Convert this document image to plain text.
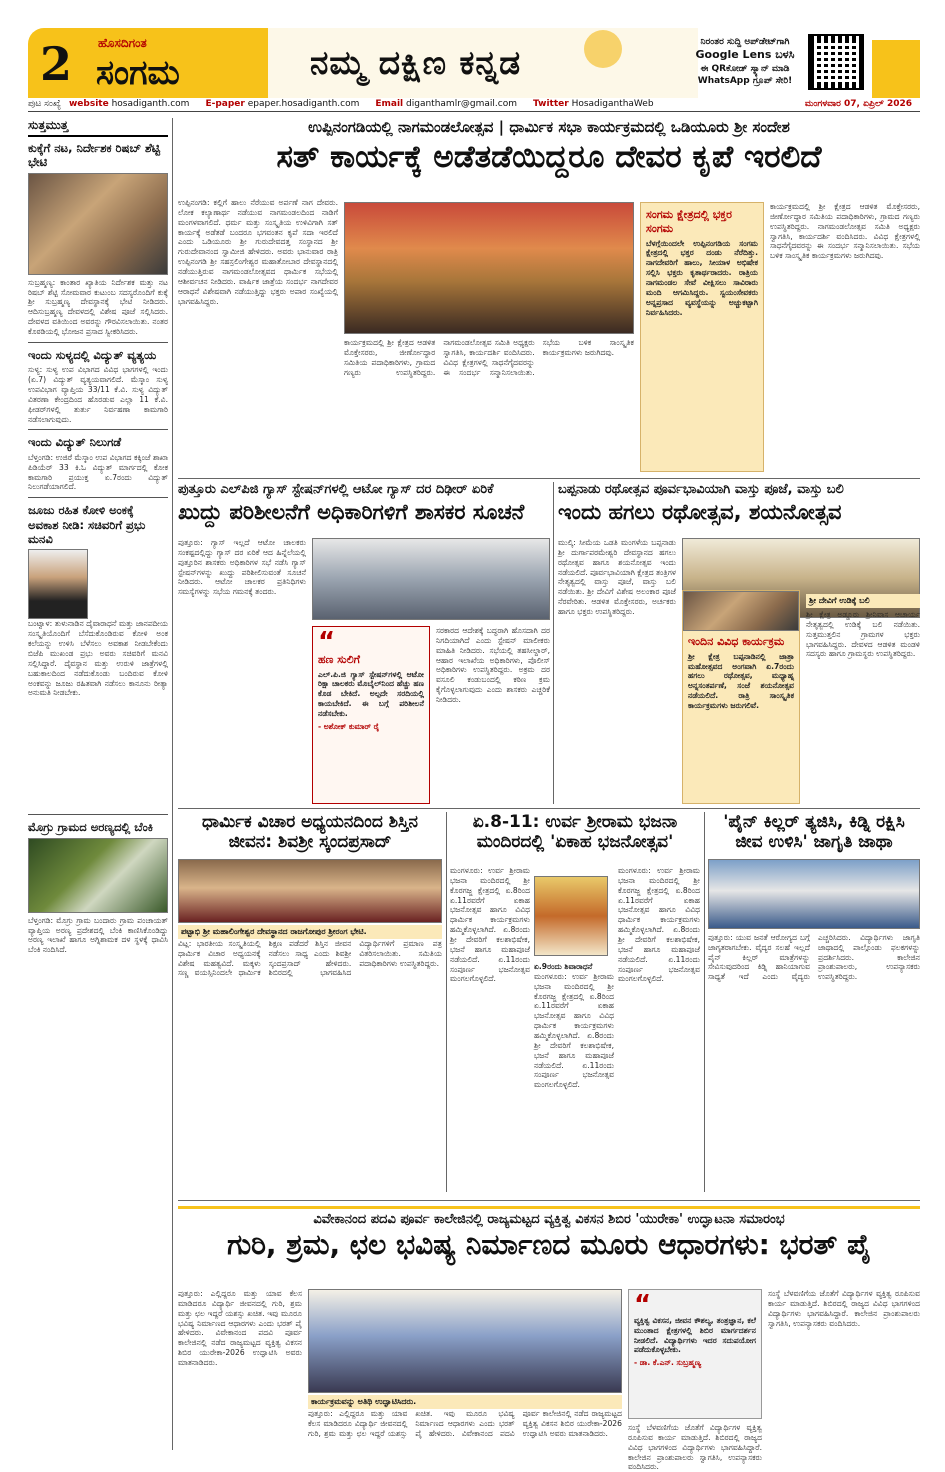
2 ಹೊಸದಿಗಂತ
ಸಂಗಮ	ನಮ್ಮ ದಕ್ಷಿಣ ಕನ್ನಡ
ನಿರಂತರ ಸುದ್ದಿ ಅಪ್‌ಡೇಟ್‌ಗಾಗಿ
Google Lens ಬಳಸಿ
ಈ QRಕೋಡ್ ಸ್ಕ್ಯಾನ್ ಮಾಡಿ
WhatsApp ಗ್ರೂಪ್ ಸೇರಿ!
ಪುಟ ಸಂಖ್ಯೆ website hosadiganth.com	E-paper epaper.hosadiganth.com	Email diganthamlr@gmail.com	Twitter HosadiganthaWeb	ಮಂಗಳವಾರ 07, ಏಪ್ರಿಲ್ 2026
ಸುತ್ತಮುತ್ತ
ಕುಕ್ಕೆಗೆ ನಟ, ನಿರ್ದೇಶಕ ರಿಷಬ್ ಶೆಟ್ಟಿ ಭೇಟಿ
ಸುಬ್ರಹ್ಮಣ್ಯ: ಕಾಂತಾರ ಖ್ಯಾತಿಯ ನಿರ್ದೇಶಕ ಮತ್ತು ನಟ ರಿಷಬ್ ಶೆಟ್ಟಿ ಸೋಮವಾರ ಕುಟುಂಬ ಸದಸ್ಯರೊಂದಿಗೆ ಕುಕ್ಕೆ ಶ್ರೀ ಸುಬ್ರಹ್ಮಣ್ಯ ದೇವಸ್ಥಾನಕ್ಕೆ ಭೇಟಿ ನೀಡಿದರು. ಆದಿಸುಬ್ರಹ್ಮಣ್ಯ ದೇವಳದಲ್ಲಿ ವಿಶೇಷ ಪೂಜೆ ಸಲ್ಲಿಸಿದರು. ದೇವಳದ ವತಿಯಿಂದ ಅವರನ್ನು ಗೌರವಿಸಲಾಯಿತು. ನಂತರ ಕೊಠಡಿಯಲ್ಲಿ ಭೋಜನ ಪ್ರಸಾದ ಸ್ವೀಕರಿಸಿದರು.
ಇಂದು ಸುಳ್ಯದಲ್ಲಿ ವಿದ್ಯುತ್ ವ್ಯತ್ಯಯ
ಸುಳ್ಯ: ಸುಳ್ಯ ಉಪ ವಿಭಾಗದ ವಿವಿಧ ಭಾಗಗಳಲ್ಲಿ ಇಂದು (ಏ.7) ವಿದ್ಯುತ್ ವ್ಯತ್ಯಯವಾಗಲಿದೆ. ಮೆಸ್ಕಾಂ ಸುಳ್ಯ ಉಪವಿಭಾಗ ವ್ಯಾಪ್ತಿಯ 33/11 ಕೆ.ವಿ. ಸುಳ್ಯ ವಿದ್ಯುತ್ ವಿತರಣಾ ಕೇಂದ್ರದಿಂದ ಹೊರಡುವ ಎಲ್ಲಾ 11 ಕೆ.ವಿ. ಫೀಡರ್‌ಗಳಲ್ಲಿ ತುರ್ತು ನಿರ್ವಹಣಾ ಕಾಮಗಾರಿ ನಡೆಸಲಾಗುವುದು.
ಇಂದು ವಿದ್ಯುತ್ ನಿಲುಗಡೆ
ಬೆಳ್ತಂಗಡಿ: ಉಜಿರೆ ಮೆಸ್ಕಾಂ ಉಪ ವಿಭಾಗದ ಕಕ್ಕಿಂಜೆ ಶಾಖಾ ಪಿಡಿಯೆರ್ 33 ಕಿ.ಓ ವಿದ್ಯುತ್ ಮಾರ್ಗದಲ್ಲಿ ಕೋಕ ಕಾಮಗಾರಿ ಪ್ರಯುಕ್ತ ಏ.7ರಂದು ವಿದ್ಯುತ್ ನಿಲುಗಡೆಯಾಗಲಿದೆ.
ಜೂಜು ರಹಿತ ಕೋಳಿ ಅಂಕಕ್ಕೆ ಅವಕಾಶ ನೀಡಿ: ಸಚಿವರಿಗೆ ಪ್ರಭು ಮನವಿ
ಬಂಟ್ವಾಳ: ತುಳುನಾಡಿನ ದೈವಾರಾಧನೆ ಮತ್ತು ಜಾನಪದೀಯ ಸಂಸ್ಕೃತಿಯೊಂದಿಗೆ ಬೆಸೆದುಕೊಂಡಿರುವ ಕೋಳಿ ಅಂಕ ಕಲೆಯನ್ನು ಉಳಿಸಿ ಬೆಳೆಸಲು ಅವಕಾಶ ನೀಡಬೇಕೆಂದು ಬಿಜೆಪಿ ಮುಖಂಡ ಪ್ರಭು ಅವರು ಸಚಿವರಿಗೆ ಮನವಿ ಸಲ್ಲಿಸಿದ್ದಾರೆ. ದೈವಸ್ಥಾನ ಮತ್ತು ಉರುಳಿ ಜಾತ್ರೆಗಳಲ್ಲಿ ಬಹುಕಾಲದಿಂದ ನಡೆದುಕೊಂಡು ಬಂದಿರುವ ಕೋಳಿ ಅಂಕವನ್ನು ಜೂಜು ರಹಿತವಾಗಿ ನಡೆಸಲು ಕಾನೂನು ರೀತ್ಯಾ ಅನುಮತಿ ನೀಡಬೇಕು.
ಮೊಗ್ರು ಗ್ರಾಮದ ಅರಣ್ಯದಲ್ಲಿ ಬೆಂಕಿ
ಬೆಳ್ತಂಗಡಿ: ಮೊಗ್ರು ಗ್ರಾಮ ಬಂದಾರು ಗ್ರಾಮ ಪಂಚಾಯತ್ ವ್ಯಾಪ್ತಿಯ ಅರಣ್ಯ ಪ್ರದೇಶದಲ್ಲಿ ಬೆಂಕಿ ಕಾಣಿಸಿಕೊಂಡಿದ್ದು ಅರಣ್ಯ ಇಲಾಖೆ ಹಾಗೂ ಅಗ್ನಿಶಾಮಕ ದಳ ಸ್ಥಳಕ್ಕೆ ಧಾವಿಸಿ ಬೆಂಕಿ ನಂದಿಸಿದೆ.
ಉಪ್ಪಿನಂಗಡಿಯಲ್ಲಿ ನಾಗಮಂಡಲೋತ್ಸವ | ಧಾರ್ಮಿಕ ಸಭಾ ಕಾರ್ಯಕ್ರಮದಲ್ಲಿ ಒಡಿಯೂರು ಶ್ರೀ ಸಂದೇಶ
ಸತ್ ಕಾರ್ಯಕ್ಕೆ ಅಡೆತಡೆಯಿದ್ದರೂ ದೇವರ ಕೃಪೆ ಇರಲಿದೆ
ಉಪ್ಪಿನಂಗಡಿ: ಕಲ್ಲಿಗೆ ಹಾಲು ನೆರೆಯುವ ಅರ್ಪಣೆ ನಾಗ ದೇವರು. ಲೋಕ ಕಲ್ಯಾಣಾರ್ಥ ನಡೆಯುವ ನಾಗಮಂಡಲದಿಂದ ನಾಡಿಗೆ ಮಂಗಳವಾಗಲಿದೆ. ಧರ್ಮ ಮತ್ತು ಸಂಸ್ಕೃತಿಯ ಉಳಿವಿಗಾಗಿ ಸತ್ ಕಾರ್ಯಕ್ಕೆ ಅಡೆತಡೆ ಬಂದರೂ ಭಗವಂತನ ಕೃಪೆ ಸದಾ ಇರಲಿದೆ ಎಂದು ಒಡಿಯೂರು ಶ್ರೀ ಗುರುದೇವದತ್ತ ಸಂಸ್ಥಾನದ ಶ್ರೀ ಗುರುದೇವಾನಂದ ಸ್ವಾಮೀಜಿ ಹೇಳಿದರು. ಅವರು ಭಾನುವಾರ ರಾತ್ರಿ ಉಪ್ಪಿನಂಗಡಿ ಶ್ರೀ ಸಹಸ್ರಲಿಂಗೇಶ್ವರ ಮಹಾತೋಬಾರ ದೇವಸ್ಥಾನದಲ್ಲಿ ನಡೆಯುತ್ತಿರುವ ನಾಗಮಂಡಲೋತ್ಸವದ ಧಾರ್ಮಿಕ ಸಭೆಯಲ್ಲಿ ಆಶೀರ್ವಚನ ನೀಡಿದರು. ವಾರ್ಷಿಕ ಜಾತ್ರೆಯ ಸಂದರ್ಭ ನಾಗದೇವರ ಆರಾಧನೆ ವಿಶೇಷವಾಗಿ ನಡೆಯುತ್ತಿದ್ದು ಭಕ್ತರು ಅಪಾರ ಸಂಖ್ಯೆಯಲ್ಲಿ ಭಾಗವಹಿಸಿದ್ದರು.
ಕಾರ್ಯಕ್ರಮದಲ್ಲಿ ಶ್ರೀ ಕ್ಷೇತ್ರದ ಆಡಳಿತ ಮೊಕ್ತೇಸರರು, ಜೀರ್ಣೋದ್ಧಾರ ಸಮಿತಿಯ ಪದಾಧಿಕಾರಿಗಳು, ಗ್ರಾಮದ ಗಣ್ಯರು ಉಪಸ್ಥಿತರಿದ್ದರು. ನಾಗಮಂಡಲೋತ್ಸವ ಸಮಿತಿ ಅಧ್ಯಕ್ಷರು ಸ್ವಾಗತಿಸಿ, ಕಾರ್ಯದರ್ಶಿ ವಂದಿಸಿದರು. ವಿವಿಧ ಕ್ಷೇತ್ರಗಳಲ್ಲಿ ಸಾಧನೆಗೈದವರನ್ನು ಈ ಸಂದರ್ಭ ಸನ್ಮಾನಿಸಲಾಯಿತು. ಸಭೆಯ ಬಳಿಕ ಸಾಂಸ್ಕೃತಿಕ ಕಾರ್ಯಕ್ರಮಗಳು ಜರುಗಿದವು.
ಸಂಗಮ ಕ್ಷೇತ್ರದಲ್ಲಿ ಭಕ್ತರ ಸಂಗಮ
ಬೆಳಗ್ಗೆಯಿಂದಲೇ ಉಪ್ಪಿನಂಗಡಿಯ ಸಂಗಮ ಕ್ಷೇತ್ರದಲ್ಲಿ ಭಕ್ತರ ದಂಡು ನೆರೆದಿತ್ತು. ನಾಗದೇವರಿಗೆ ಹಾಲು, ಸೀಯಾಳ ಅಭಿಷೇಕ ಸಲ್ಲಿಸಿ ಭಕ್ತರು ಕೃತಾರ್ಥರಾದರು. ರಾತ್ರಿಯ ನಾಗಮಂಡಲ ಸೇವೆ ವೀಕ್ಷಿಸಲು ಸಾವಿರಾರು ಮಂದಿ ಆಗಮಿಸಿದ್ದರು. ಸ್ವಯಂಸೇವಕರು ಅನ್ನಪ್ರಸಾದ ವ್ಯವಸ್ಥೆಯನ್ನು ಅಚ್ಚುಕಟ್ಟಾಗಿ ನಿರ್ವಹಿಸಿದರು.
ಕಾರ್ಯಕ್ರಮದಲ್ಲಿ ಶ್ರೀ ಕ್ಷೇತ್ರದ ಆಡಳಿತ ಮೊಕ್ತೇಸರರು, ಜೀರ್ಣೋದ್ಧಾರ ಸಮಿತಿಯ ಪದಾಧಿಕಾರಿಗಳು, ಗ್ರಾಮದ ಗಣ್ಯರು ಉಪಸ್ಥಿತರಿದ್ದರು. ನಾಗಮಂಡಲೋತ್ಸವ ಸಮಿತಿ ಅಧ್ಯಕ್ಷರು ಸ್ವಾಗತಿಸಿ, ಕಾರ್ಯದರ್ಶಿ ವಂದಿಸಿದರು. ವಿವಿಧ ಕ್ಷೇತ್ರಗಳಲ್ಲಿ ಸಾಧನೆಗೈದವರನ್ನು ಈ ಸಂದರ್ಭ ಸನ್ಮಾನಿಸಲಾಯಿತು. ಸಭೆಯ ಬಳಿಕ ಸಾಂಸ್ಕೃತಿಕ ಕಾರ್ಯಕ್ರಮಗಳು ಜರುಗಿದವು.
ಪುತ್ತೂರು ಎಲ್‌ಪಿಜಿ ಗ್ಯಾಸ್ ಸ್ಟೇಷನ್‌ಗಳಲ್ಲಿ ಆಟೋ ಗ್ಯಾಸ್ ದರ ದಿಢೀರ್ ಏರಿಕೆ
ಖುದ್ದು ಪರಿಶೀಲನೆಗೆ ಅಧಿಕಾರಿಗಳಿಗೆ ಶಾಸಕರ ಸೂಚನೆ
ಪುತ್ತೂರು: ಗ್ಯಾಸ್ ಇಲ್ಲದೆ ಆಟೋ ಚಾಲಕರು ಸಂಕಷ್ಟದಲ್ಲಿದ್ದು ಗ್ಯಾಸ್ ದರ ಏರಿಕೆ ಆದ ಹಿನ್ನೆಲೆಯಲ್ಲಿ ಪುತ್ತೂರಿನ ಶಾಸಕರು ಅಧಿಕಾರಿಗಳ ಸಭೆ ನಡೆಸಿ ಗ್ಯಾಸ್ ಸ್ಟೇಷನ್‌ಗಳನ್ನು ಖುದ್ದು ಪರಿಶೀಲಿಸುವಂತೆ ಸೂಚನೆ ನೀಡಿದರು. ಆಟೋ ಚಾಲಕರ ಪ್ರತಿನಿಧಿಗಳು ಸಮಸ್ಯೆಗಳನ್ನು ಸಭೆಯ ಗಮನಕ್ಕೆ ತಂದರು.
“
ಹಣ ಸುಲಿಗೆ
ಎಲ್.ಪಿ.ಜಿ ಗ್ಯಾಸ್ ಸ್ಟೇಷನ್‌ಗಳಲ್ಲಿ ಆಟೋ ರಿಕ್ಷಾ ಚಾಲಕರು ಮೊಬೈಲ್‌ನಿಂದ ಹೆಚ್ಚು ಹಣ ಕೊಡ ಬೇಕಿದೆ. ಅಲ್ಪದೇ ಸರದಿಯಲ್ಲಿ ಕಾಯಬೇಕಿದೆ. ಈ ಬಗ್ಗೆ ಪರಿಶೀಲನೆ ನಡೆಸಬೇಕು.
- ಅಶೋಕ್ ಕುಮಾರ್ ರೈ
ಸರಕಾರದ ಆದೇಶಕ್ಕೆ ಬದ್ಧರಾಗಿ ಹೊಸದಾಗಿ ದರ ನಿಗದಿಯಾಗಿದೆ ಎಂದು ಸ್ಟೇಷನ್ ಮಾಲೀಕರು ಮಾಹಿತಿ ನೀಡಿದರು. ಸಭೆಯಲ್ಲಿ ತಹಸೀಲ್ದಾರ್, ಆಹಾರ ಇಲಾಖೆಯ ಅಧಿಕಾರಿಗಳು, ಪೊಲೀಸ್ ಅಧಿಕಾರಿಗಳು ಉಪಸ್ಥಿತರಿದ್ದರು. ಅಕ್ರಮ ದರ ವಸೂಲಿ ಕಂಡುಬಂದಲ್ಲಿ ಕಠಿಣ ಕ್ರಮ ಕೈಗೊಳ್ಳಲಾಗುವುದು ಎಂದು ಶಾಸಕರು ಎಚ್ಚರಿಕೆ ನೀಡಿದರು.
ಬಪ್ಪನಾಡು ರಥೋತ್ಸವ ಪೂರ್ವಭಾವಿಯಾಗಿ ವಾಸ್ತು ಪೂಜೆ, ವಾಸ್ತು ಬಲಿ
ಇಂದು ಹಗಲು ರಥೋತ್ಸವ, ಶಯನೋತ್ಸವ
ಮುಲ್ಕಿ: ಸೀಮೆಯ ಒಡತಿ ಮಂಗಳೆಯ ಬಪ್ಪನಾಡು ಶ್ರೀ ದುರ್ಗಾಪರಮೇಶ್ವರಿ ದೇವಸ್ಥಾನದ ಹಗಲು ರಥೋತ್ಸವ ಹಾಗೂ ಶಯನೋತ್ಸವ ಇಂದು ನಡೆಯಲಿದೆ. ಪೂರ್ವಭಾವಿಯಾಗಿ ಕ್ಷೇತ್ರದ ತಂತ್ರಿಗಳ ನೇತೃತ್ವದಲ್ಲಿ ವಾಸ್ತು ಪೂಜೆ, ವಾಸ್ತು ಬಲಿ ನಡೆಯಿತು. ಶ್ರೀ ದೇವಿಗೆ ವಿಶೇಷ ಅಲಂಕಾರ ಪೂಜೆ ನೆರವೇರಿತು. ಆಡಳಿತ ಮೊಕ್ತೇಸರರು, ಅರ್ಚಕರು ಹಾಗೂ ಭಕ್ತರು ಉಪಸ್ಥಿತರಿದ್ದರು.
ಇಂದಿನ ವಿವಿಧ ಕಾರ್ಯಕ್ರಮ
ಶ್ರೀ ಕ್ಷೇತ್ರ ಬಪ್ಪನಾಡಿನಲ್ಲಿ ಜಾತ್ರಾ ಮಹೋತ್ಸವದ ಅಂಗವಾಗಿ ಏ.7ರಂದು ಹಗಲು ರಥೋತ್ಸವ, ಮಧ್ಯಾಹ್ನ ಅನ್ನಸಂತರ್ಪಣೆ, ಸಂಜೆ ಶಯನೋತ್ಸವ ನಡೆಯಲಿದೆ. ರಾತ್ರಿ ಸಾಂಸ್ಕೃತಿಕ ಕಾರ್ಯಕ್ರಮಗಳು ಜರುಗಲಿವೆ.
ಶ್ರೀ ದೇವಿಗೆ ಉಡಿಕ್ಕೆ ಬಲಿ
ಶ್ರೀ ಕ್ಷೇತ್ರ ಅಡ್ಡೂರು ಶ್ರೀನಿವಾಸ ಆಚಾರ್ಯ ನೇತೃತ್ವದಲ್ಲಿ ಉಡಿಕ್ಕೆ ಬಲಿ ನಡೆಯಿತು. ಸುತ್ತಮುತ್ತಲಿನ ಗ್ರಾಮಗಳ ಭಕ್ತರು ಭಾಗವಹಿಸಿದ್ದರು. ದೇವಳದ ಆಡಳಿತ ಮಂಡಳಿ ಸದಸ್ಯರು ಹಾಗೂ ಗ್ರಾಮಸ್ಥರು ಉಪಸ್ಥಿತರಿದ್ದರು.
ಧಾರ್ಮಿಕ ವಿಚಾರ ಅಧ್ಯಯನದಿಂದ ಶಿಸ್ತಿನ ಜೀವನ: ಶಿವಶ್ರೀ ಸ್ಕಂದಪ್ರಸಾದ್
ಪಟ್ಟಾಭಿ ಶ್ರೀ ಮಹಾಲಿಂಗೇಶ್ವರ ದೇವಸ್ಥಾನದ ರಾಜಗೋಪುರ ಶ್ರೀರಂಗ ಭೇಟಿ.
ವಿಟ್ಲ: ಭಾರತೀಯ ಸಂಸ್ಕೃತಿಯಲ್ಲಿ ಧಾರ್ಮಿಕ ವಿಚಾರ ಅಧ್ಯಯನಕ್ಕೆ ವಿಶೇಷ ಮಹತ್ವವಿದೆ. ಮಕ್ಕಳು ಸಣ್ಣ ವಯಸ್ಸಿನಿಂದಲೇ ಧಾರ್ಮಿಕ ಶಿಕ್ಷಣ ಪಡೆದರೆ ಶಿಸ್ತಿನ ಜೀವನ ನಡೆಸಲು ಸಾಧ್ಯ ಎಂದು ಶಿವಶ್ರೀ ಸ್ಕಂದಪ್ರಸಾದ್ ಹೇಳಿದರು. ಶಿಬಿರದಲ್ಲಿ ಭಾಗವಹಿಸಿದ ವಿದ್ಯಾರ್ಥಿಗಳಿಗೆ ಪ್ರಮಾಣ ಪತ್ರ ವಿತರಿಸಲಾಯಿತು. ಸಮಿತಿಯ ಪದಾಧಿಕಾರಿಗಳು ಉಪಸ್ಥಿತರಿದ್ದರು.
ಏ.8-11: ಉರ್ವ ಶ್ರೀರಾಮ ಭಜನಾ ಮಂದಿರದಲ್ಲಿ 'ಏಕಾಹ ಭಜನೋತ್ಸವ'
ಮಂಗಳೂರು: ಉರ್ವ ಶ್ರೀರಾಮ ಭಜನಾ ಮಂದಿರದಲ್ಲಿ ಶ್ರೀ ಕೊರಗಜ್ಜ ಕ್ಷೇತ್ರದಲ್ಲಿ ಏ.8ರಿಂದ ಏ.11ರವರೆಗೆ ಏಕಾಹ ಭಜನೋತ್ಸವ ಹಾಗೂ ವಿವಿಧ ಧಾರ್ಮಿಕ ಕಾರ್ಯಕ್ರಮಗಳು ಹಮ್ಮಿಕೊಳ್ಳಲಾಗಿದೆ. ಏ.8ರಂದು ಶ್ರೀ ದೇವರಿಗೆ ಕಲಶಾಭಿಷೇಕ, ಭಜನೆ ಹಾಗೂ ಮಹಾಪೂಜೆ ನಡೆಯಲಿದೆ. ಏ.11ರಂದು ಸಂಪೂರ್ಣ ಭಜನೋತ್ಸವ ಮಂಗಲಗೊಳ್ಳಲಿದೆ.
ಏ.9ರಂದು ಶಿವಾರಾಧನೆ
ಮಂಗಳೂರು: ಉರ್ವ ಶ್ರೀರಾಮ ಭಜನಾ ಮಂದಿರದಲ್ಲಿ ಶ್ರೀ ಕೊರಗಜ್ಜ ಕ್ಷೇತ್ರದಲ್ಲಿ ಏ.8ರಿಂದ ಏ.11ರವರೆಗೆ ಏಕಾಹ ಭಜನೋತ್ಸವ ಹಾಗೂ ವಿವಿಧ ಧಾರ್ಮಿಕ ಕಾರ್ಯಕ್ರಮಗಳು ಹಮ್ಮಿಕೊಳ್ಳಲಾಗಿದೆ. ಏ.8ರಂದು ಶ್ರೀ ದೇವರಿಗೆ ಕಲಶಾಭಿಷೇಕ, ಭಜನೆ ಹಾಗೂ ಮಹಾಪೂಜೆ ನಡೆಯಲಿದೆ. ಏ.11ರಂದು ಸಂಪೂರ್ಣ ಭಜನೋತ್ಸವ ಮಂಗಲಗೊಳ್ಳಲಿದೆ.
ಮಂಗಳೂರು: ಉರ್ವ ಶ್ರೀರಾಮ ಭಜನಾ ಮಂದಿರದಲ್ಲಿ ಶ್ರೀ ಕೊರಗಜ್ಜ ಕ್ಷೇತ್ರದಲ್ಲಿ ಏ.8ರಿಂದ ಏ.11ರವರೆಗೆ ಏಕಾಹ ಭಜನೋತ್ಸವ ಹಾಗೂ ವಿವಿಧ ಧಾರ್ಮಿಕ ಕಾರ್ಯಕ್ರಮಗಳು ಹಮ್ಮಿಕೊಳ್ಳಲಾಗಿದೆ. ಏ.8ರಂದು ಶ್ರೀ ದೇವರಿಗೆ ಕಲಶಾಭಿಷೇಕ, ಭಜನೆ ಹಾಗೂ ಮಹಾಪೂಜೆ ನಡೆಯಲಿದೆ. ಏ.11ರಂದು ಸಂಪೂರ್ಣ ಭಜನೋತ್ಸವ ಮಂಗಲಗೊಳ್ಳಲಿದೆ.
'ಪೈನ್ ಕಿಲ್ಲರ್ ತ್ಯಜಿಸಿ, ಕಿಡ್ನಿ ರಕ್ಷಿಸಿ ಜೀವ ಉಳಿಸಿ' ಜಾಗೃತಿ ಜಾಥಾ
ಪುತ್ತೂರು: ಯುವ ಜನತೆ ಆರೋಗ್ಯದ ಬಗ್ಗೆ ಜಾಗೃತರಾಗಬೇಕು. ವೈದ್ಯರ ಸಲಹೆ ಇಲ್ಲದೆ ಪೈನ್ ಕಿಲ್ಲರ್ ಮಾತ್ರೆಗಳನ್ನು ಸೇವಿಸುವುದರಿಂದ ಕಿಡ್ನಿ ಹಾನಿಯಾಗುವ ಸಾಧ್ಯತೆ ಇದೆ ಎಂದು ವೈದ್ಯರು ಎಚ್ಚರಿಸಿದರು. ವಿದ್ಯಾರ್ಥಿಗಳು ಜಾಗೃತಿ ಜಾಥಾದಲ್ಲಿ ಪಾಲ್ಗೊಂಡು ಫಲಕಗಳನ್ನು ಪ್ರದರ್ಶಿಸಿದರು. ಕಾಲೇಜಿನ ಪ್ರಾಂಶುಪಾಲರು, ಉಪನ್ಯಾಸಕರು ಉಪಸ್ಥಿತರಿದ್ದರು.
ವಿವೇಕಾನಂದ ಪದವಿ ಪೂರ್ವ ಕಾಲೇಜಿನಲ್ಲಿ ರಾಜ್ಯಮಟ್ಟದ ವ್ಯಕ್ತಿತ್ವ ವಿಕಸನ ಶಿಬಿರ 'ಯುರೇಕಾ' ಉದ್ಘಾಟನಾ ಸಮಾರಂಭ
ಗುರಿ, ಶ್ರಮ, ಛಲ ಭವಿಷ್ಯ ನಿರ್ಮಾಣದ ಮೂರು ಆಧಾರಗಳು: ಭರತ್ ಪೈ
ಪುತ್ತೂರು: ಎಲ್ಲಿದ್ದರೂ ಮತ್ತು ಯಾವ ಕೆಲಸ ಮಾಡಿದರೂ ವಿದ್ಯಾರ್ಥಿ ಜೀವನದಲ್ಲಿ ಗುರಿ, ಶ್ರಮ ಮತ್ತು ಛಲ ಇದ್ದರೆ ಯಶಸ್ಸು ಖಚಿತ. ಇವು ಮೂರೂ ಭವಿಷ್ಯ ನಿರ್ಮಾಣದ ಆಧಾರಗಳು ಎಂದು ಭರತ್ ಪೈ ಹೇಳಿದರು. ವಿವೇಕಾನಂದ ಪದವಿ ಪೂರ್ವ ಕಾಲೇಜಿನಲ್ಲಿ ನಡೆದ ರಾಜ್ಯಮಟ್ಟದ ವ್ಯಕ್ತಿತ್ವ ವಿಕಸನ ಶಿಬಿರ ಯುರೇಕಾ-2026 ಉದ್ಘಾಟಿಸಿ ಅವರು ಮಾತನಾಡಿದರು.
ಕಾರ್ಯಕ್ರಮವನ್ನು ಅತಿಥಿ ಉದ್ಘಾಟಿಸಿದರು.
ಪುತ್ತೂರು: ಎಲ್ಲಿದ್ದರೂ ಮತ್ತು ಯಾವ ಕೆಲಸ ಮಾಡಿದರೂ ವಿದ್ಯಾರ್ಥಿ ಜೀವನದಲ್ಲಿ ಗುರಿ, ಶ್ರಮ ಮತ್ತು ಛಲ ಇದ್ದರೆ ಯಶಸ್ಸು ಖಚಿತ. ಇವು ಮೂರೂ ಭವಿಷ್ಯ ನಿರ್ಮಾಣದ ಆಧಾರಗಳು ಎಂದು ಭರತ್ ಪೈ ಹೇಳಿದರು. ವಿವೇಕಾನಂದ ಪದವಿ ಪೂರ್ವ ಕಾಲೇಜಿನಲ್ಲಿ ನಡೆದ ರಾಜ್ಯಮಟ್ಟದ ವ್ಯಕ್ತಿತ್ವ ವಿಕಸನ ಶಿಬಿರ ಯುರೇಕಾ-2026 ಉದ್ಘಾಟಿಸಿ ಅವರು ಮಾತನಾಡಿದರು.
“
ವ್ಯಕ್ತಿತ್ವ ವಿಕಸನ, ಜೀವನ ಕೌಶಲ್ಯ, ತಂತ್ರಜ್ಞಾನ, ಕಲೆ ಮುಂತಾದ ಕ್ಷೇತ್ರಗಳಲ್ಲಿ ಶಿಬಿರ ಮಾರ್ಗದರ್ಶನ ನೀಡಲಿದೆ. ವಿದ್ಯಾರ್ಥಿಗಳು ಇದರ ಸದುಪಯೋಗ ಪಡೆದುಕೊಳ್ಳಬೇಕು.
- ಡಾ. ಕೆ.ಎನ್. ಸುಬ್ರಹ್ಮಣ್ಯ
ಸಂಸ್ಥೆ ಬೆಳವಣಿಗೆಯ ಜೊತೆಗೆ ವಿದ್ಯಾರ್ಥಿಗಳ ವ್ಯಕ್ತಿತ್ವ ರೂಪಿಸುವ ಕಾರ್ಯ ಮಾಡುತ್ತಿದೆ. ಶಿಬಿರದಲ್ಲಿ ರಾಜ್ಯದ ವಿವಿಧ ಭಾಗಗಳಿಂದ ವಿದ್ಯಾರ್ಥಿಗಳು ಭಾಗವಹಿಸಿದ್ದಾರೆ. ಕಾಲೇಜಿನ ಪ್ರಾಂಶುಪಾಲರು ಸ್ವಾಗತಿಸಿ, ಉಪನ್ಯಾಸಕರು ವಂದಿಸಿದರು.
ಸಂಸ್ಥೆ ಬೆಳವಣಿಗೆಯ ಜೊತೆಗೆ ವಿದ್ಯಾರ್ಥಿಗಳ ವ್ಯಕ್ತಿತ್ವ ರೂಪಿಸುವ ಕಾರ್ಯ ಮಾಡುತ್ತಿದೆ. ಶಿಬಿರದಲ್ಲಿ ರಾಜ್ಯದ ವಿವಿಧ ಭಾಗಗಳಿಂದ ವಿದ್ಯಾರ್ಥಿಗಳು ಭಾಗವಹಿಸಿದ್ದಾರೆ. ಕಾಲೇಜಿನ ಪ್ರಾಂಶುಪಾಲರು ಸ್ವಾಗತಿಸಿ, ಉಪನ್ಯಾಸಕರು ವಂದಿಸಿದರು.
